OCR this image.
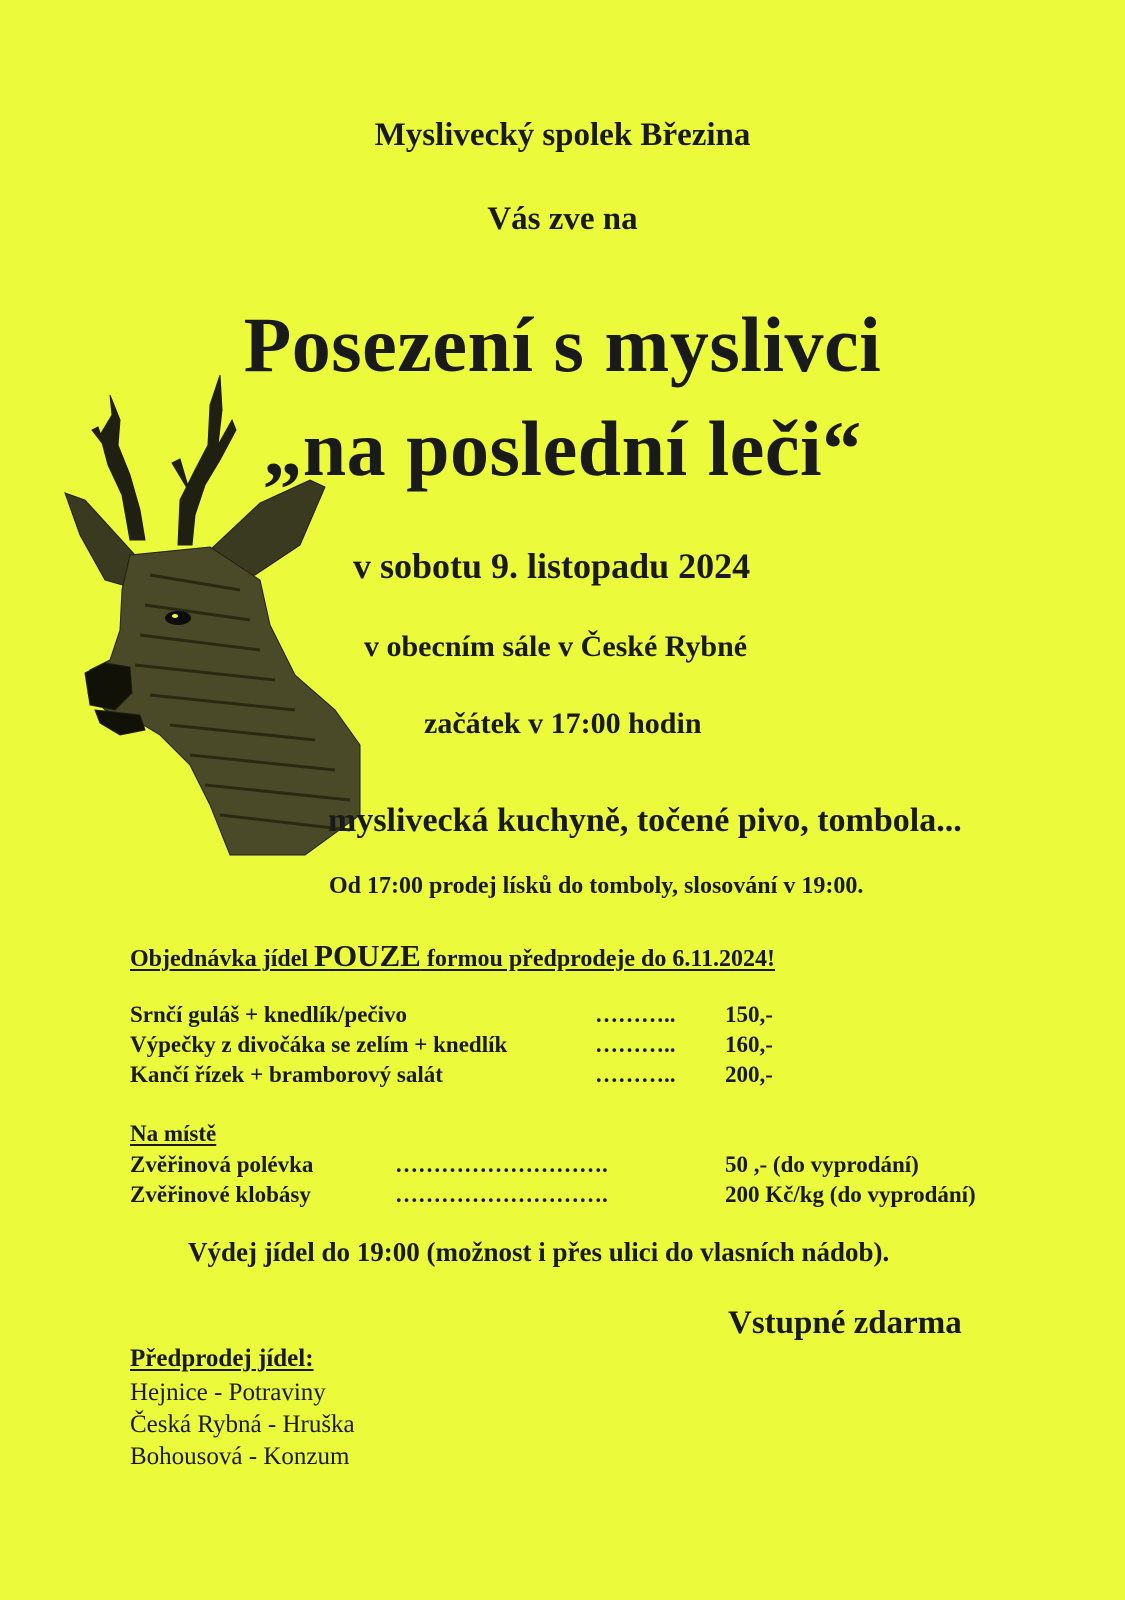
Myslivecký spolek Březina
Vás zve na
Posezení s myslivci
„na poslední leči“
v sobotu 9. listopadu 2024
v obecním sále v České Rybné
začátek v 17:00 hodin
myslivecká kuchyně, točené pivo, tombola...
Od 17:00 prodej lísků do tomboly, slosování v 19:00.
Objednávka jídel POUZE formou předprodeje do 6.11.2024!
Srnčí guláš + knedlík/pečivo	……….. 150,-
Výpečky z divočáka se zelím + knedlík	……….. 160,-
Kančí řízek + bramborový salát	……….. 200,-
Na místě
Zvěřinová polévka	……………………….	50 ,- (do vyprodání)
Zvěřinové klobásy	……………………….	200 Kč/kg (do vyprodání)
Výdej jídel do 19:00 (možnost i přes ulici do vlasních nádob).
Vstupné zdarma
Předprodej jídel:
Hejnice - Potraviny
Česká Rybná - Hruška
Bohousová - Konzum
